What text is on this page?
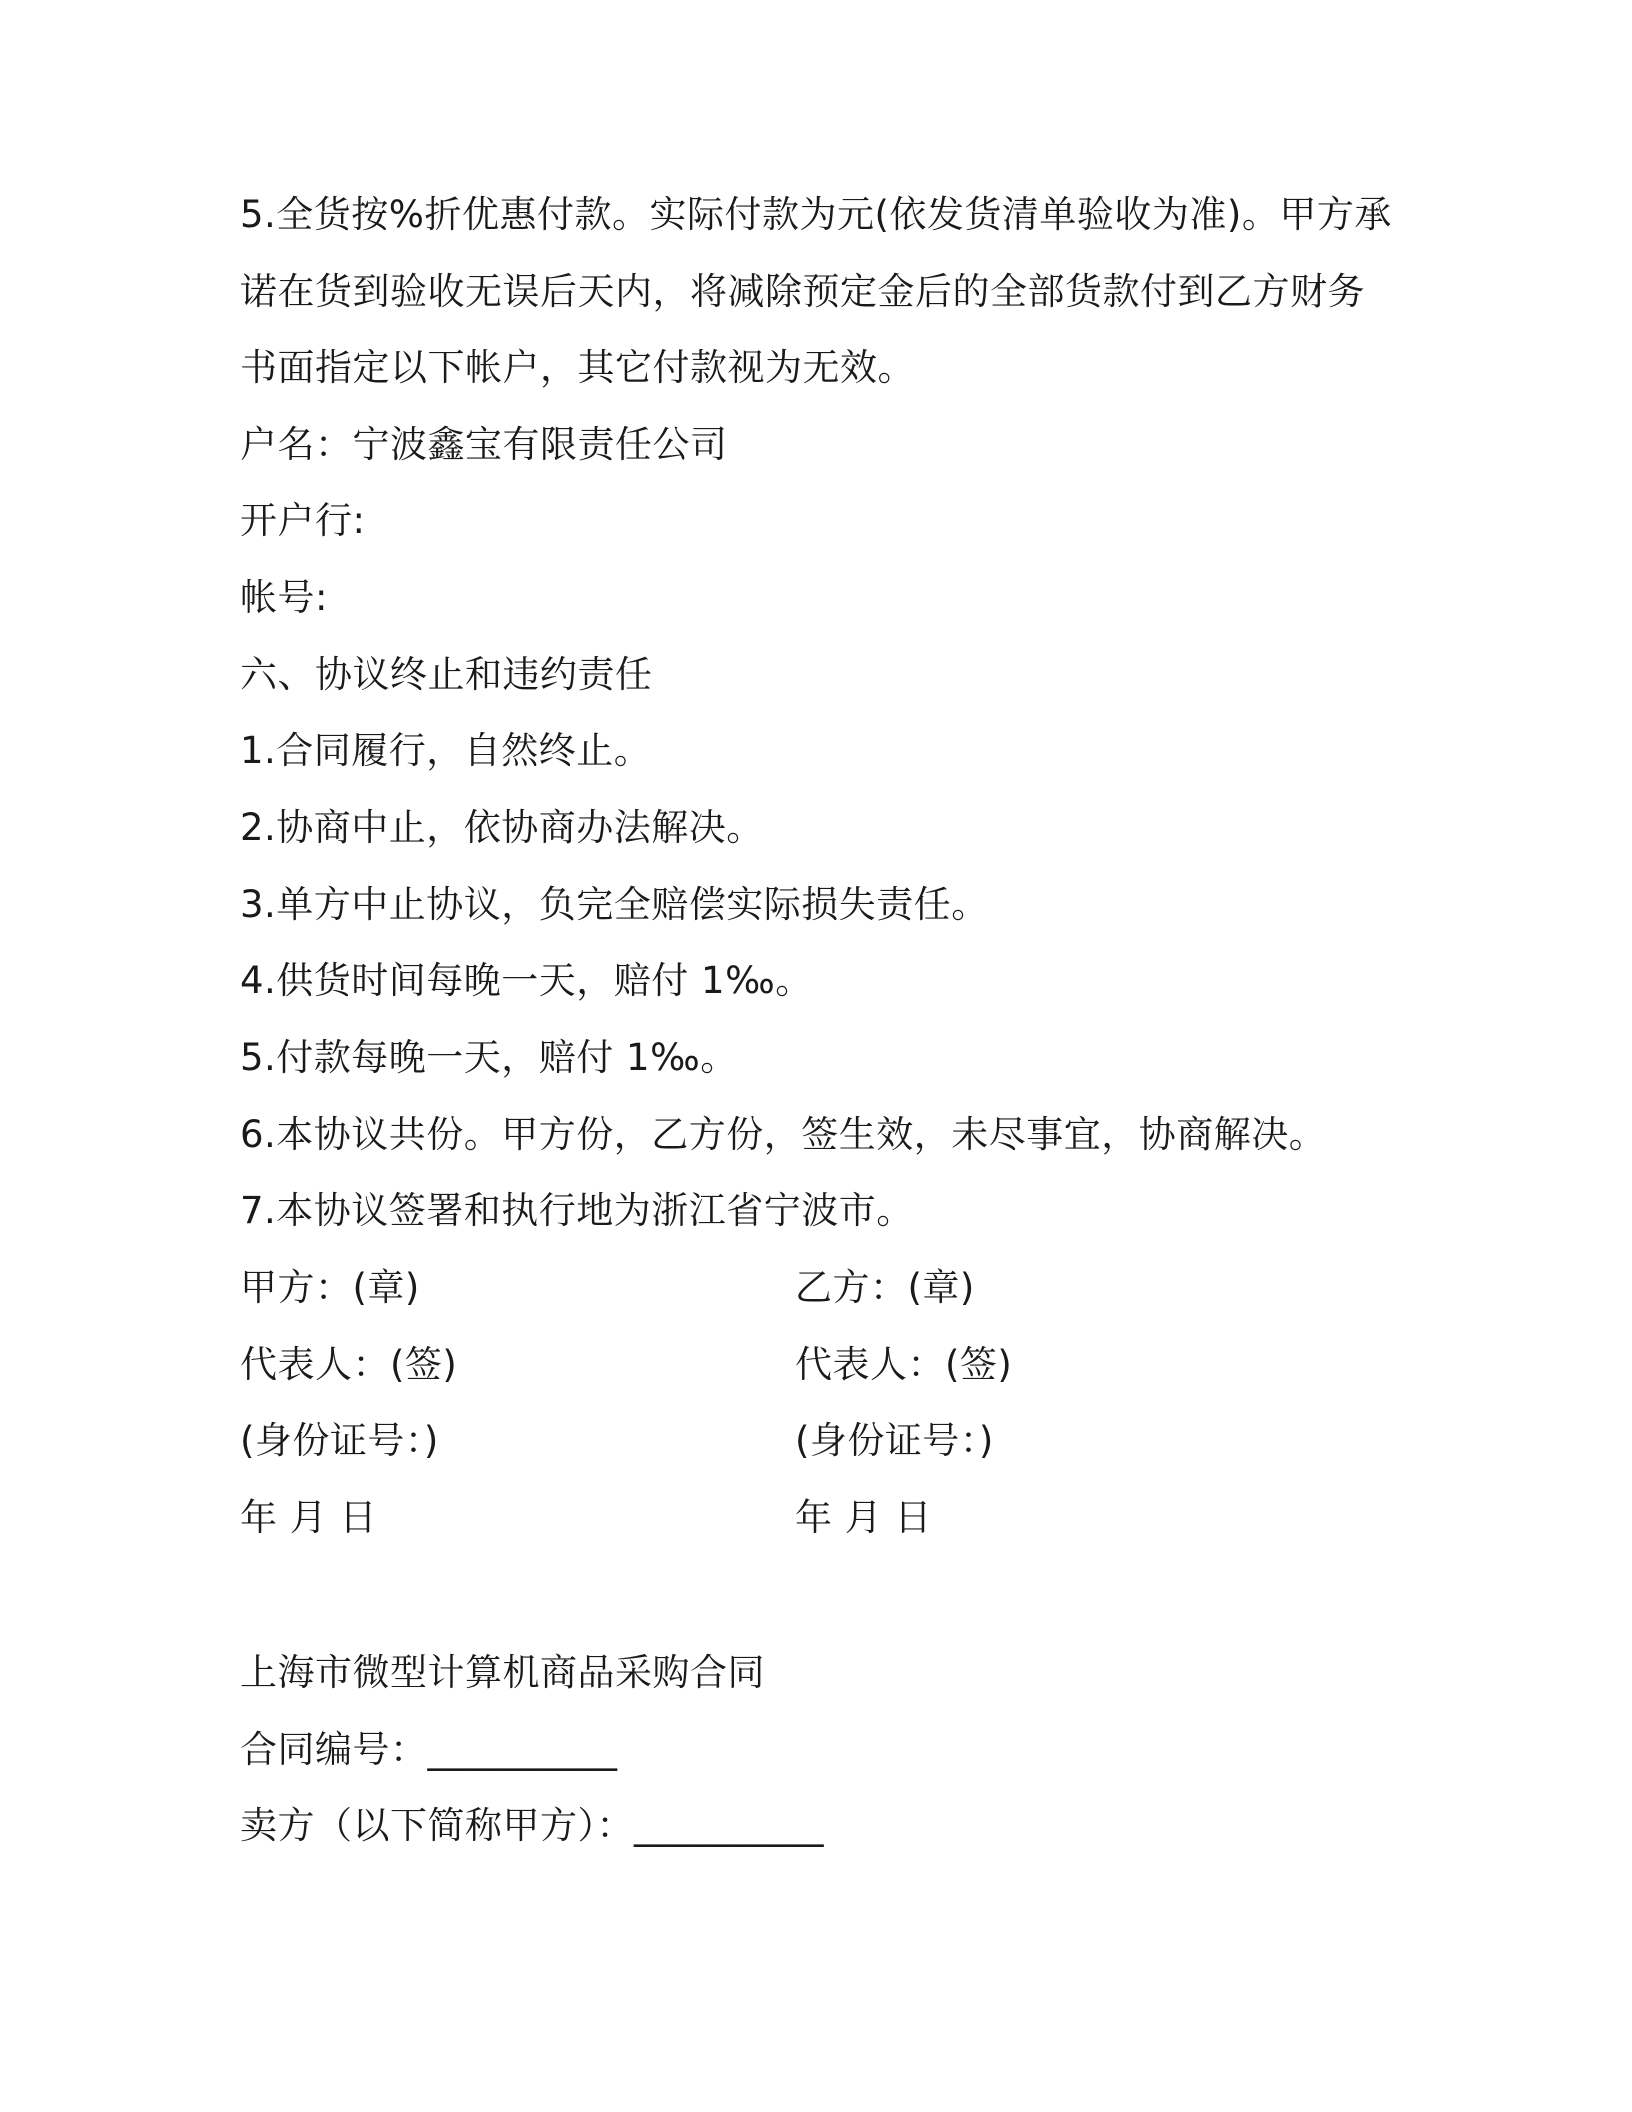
5.全货按%折优惠付款。实际付款为元(依发货清单验收为准)。甲方承
诺在货到验收无误后天内，将减除预定金后的全部货款付到乙方财务
书面指定以下帐户，其它付款视为无效。
户名：宁波鑫宝有限责任公司
开户行:
帐号:
六、协议终止和违约责任
1.合同履行，自然终止。
2.协商中止，依协商办法解决。
3.单方中止协议，负完全赔偿实际损失责任。
4.供货时间每晚一天，赔付 1‰。
5.付款每晚一天，赔付 1‰。
6.本协议共份。甲方份，乙方份，签生效，未尽事宜，协商解决。
7.本协议签署和执行地为浙江省宁波市。
甲方：(章)	乙方：(章)
代表人：(签)	代表人：(签)
(身份证号：)	(身份证号：)
年 月 日	年 月 日
上海市微型计算机商品采购合同
合同编号：__________
卖方（以下简称甲方）：__________
